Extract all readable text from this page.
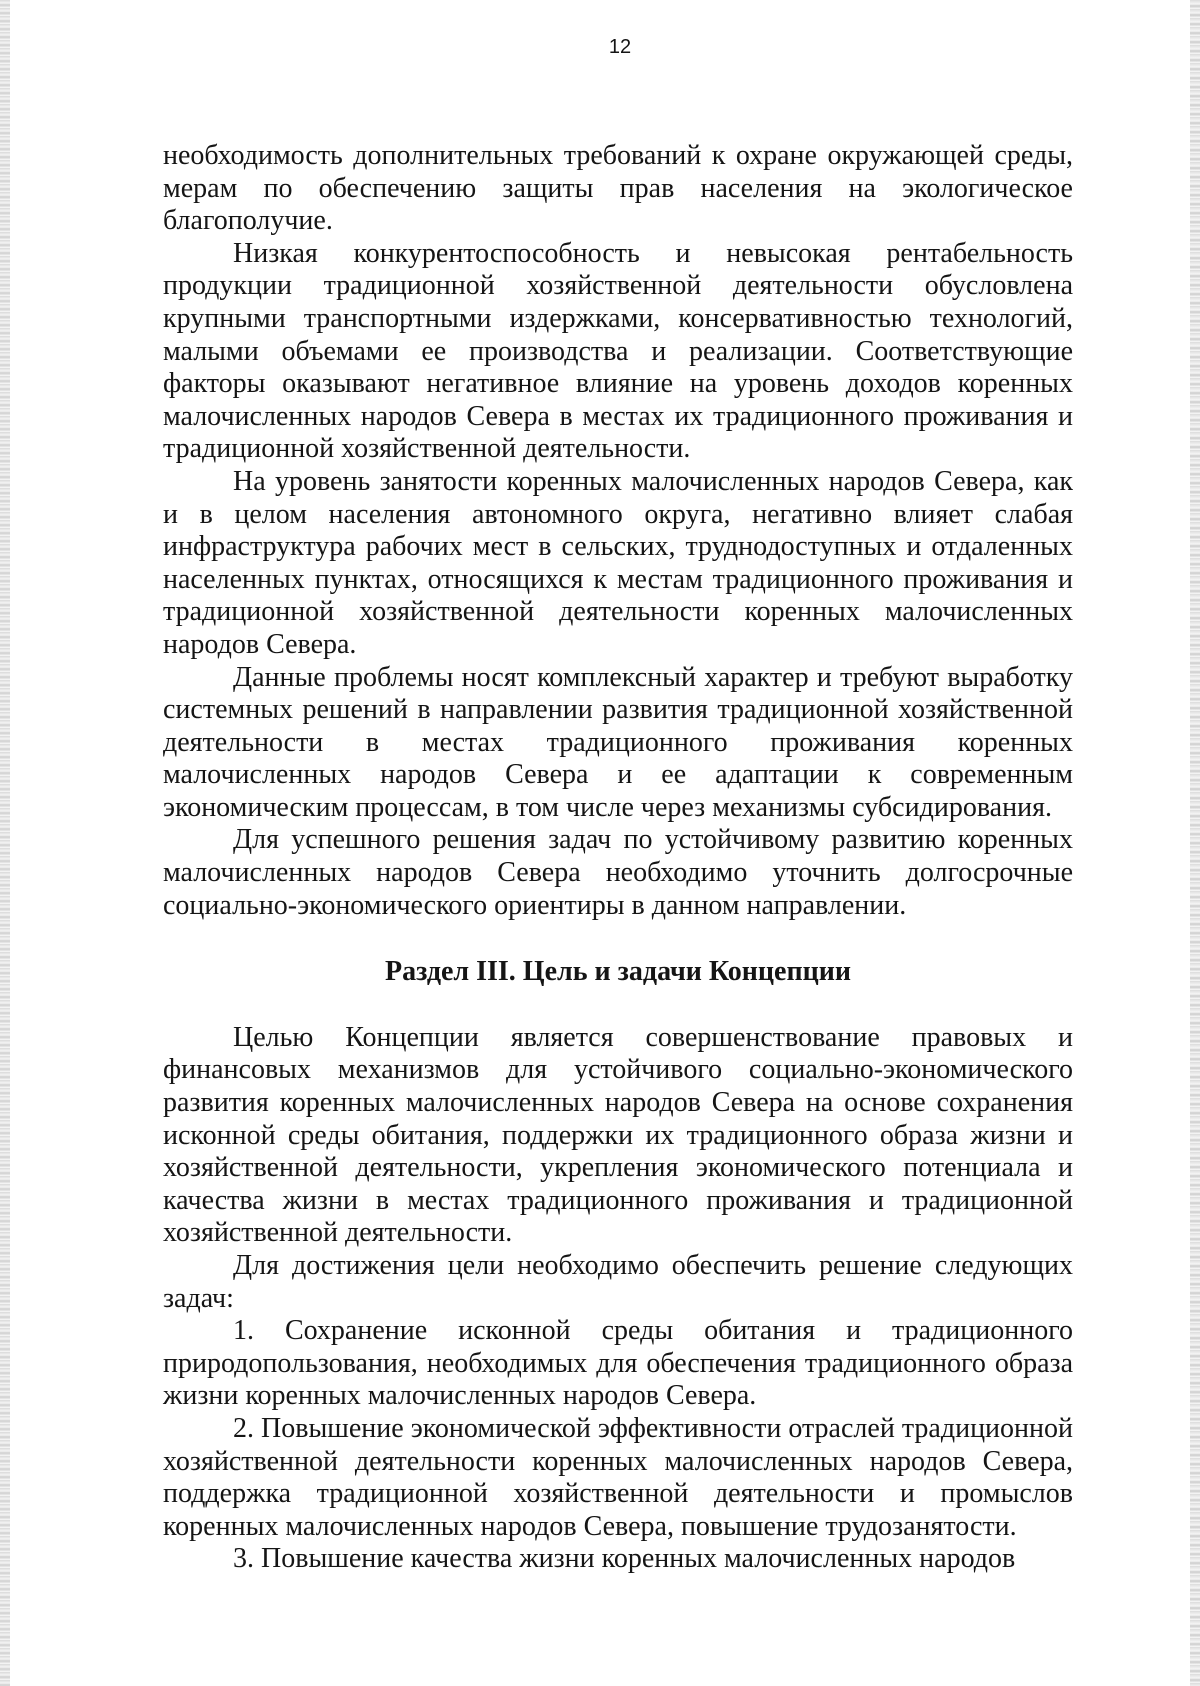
12

необходимость дополнительных требований к охране окружающей среды, мерам по обеспечению защиты прав населения на экологическое благополучие.

Низкая конкурентоспособность и невысокая рентабельность продукции традиционной хозяйственной деятельности обусловлена крупными транспортными издержками, консервативностью технологий, малыми объемами ее производства и реализации. Соответствующие факторы оказывают негативное влияние на уровень доходов коренных малочисленных народов Севера в местах их традиционного проживания и традиционной хозяйственной деятельности.

На уровень занятости коренных малочисленных народов Севера, как и в целом населения автономного округа, негативно влияет слабая инфраструктура рабочих мест в сельских, труднодоступных и отдаленных населенных пунктах, относящихся к местам традиционного проживания и традиционной хозяйственной деятельности коренных малочисленных народов Севера.

Данные проблемы носят комплексный характер и требуют выработку системных решений в направлении развития традиционной хозяйственной деятельности в местах традиционного проживания коренных малочисленных народов Севера и ее адаптации к современным экономическим процессам, в том числе через механизмы субсидирования.

Для успешного решения задач по устойчивому развитию коренных малочисленных народов Севера необходимо уточнить долгосрочные социально-экономического ориентиры в данном направлении.

Раздел III. Цель и задачи Концепции

Целью Концепции является совершенствование правовых и финансовых механизмов для устойчивого социально-экономического развития коренных малочисленных народов Севера на основе сохранения исконной среды обитания, поддержки их традиционного образа жизни и хозяйственной деятельности, укрепления экономического потенциала и качества жизни в местах традиционного проживания и традиционной хозяйственной деятельности.

Для достижения цели необходимо обеспечить решение следующих задач:

1. Сохранение исконной среды обитания и традиционного природопользования, необходимых для обеспечения традиционного образа жизни коренных малочисленных народов Севера.

2. Повышение экономической эффективности отраслей традиционной хозяйственной деятельности коренных малочисленных народов Севера, поддержка традиционной хозяйственной деятельности и промыслов коренных малочисленных народов Севера, повышение трудозанятости.

3. Повышение качества жизни коренных малочисленных народов
